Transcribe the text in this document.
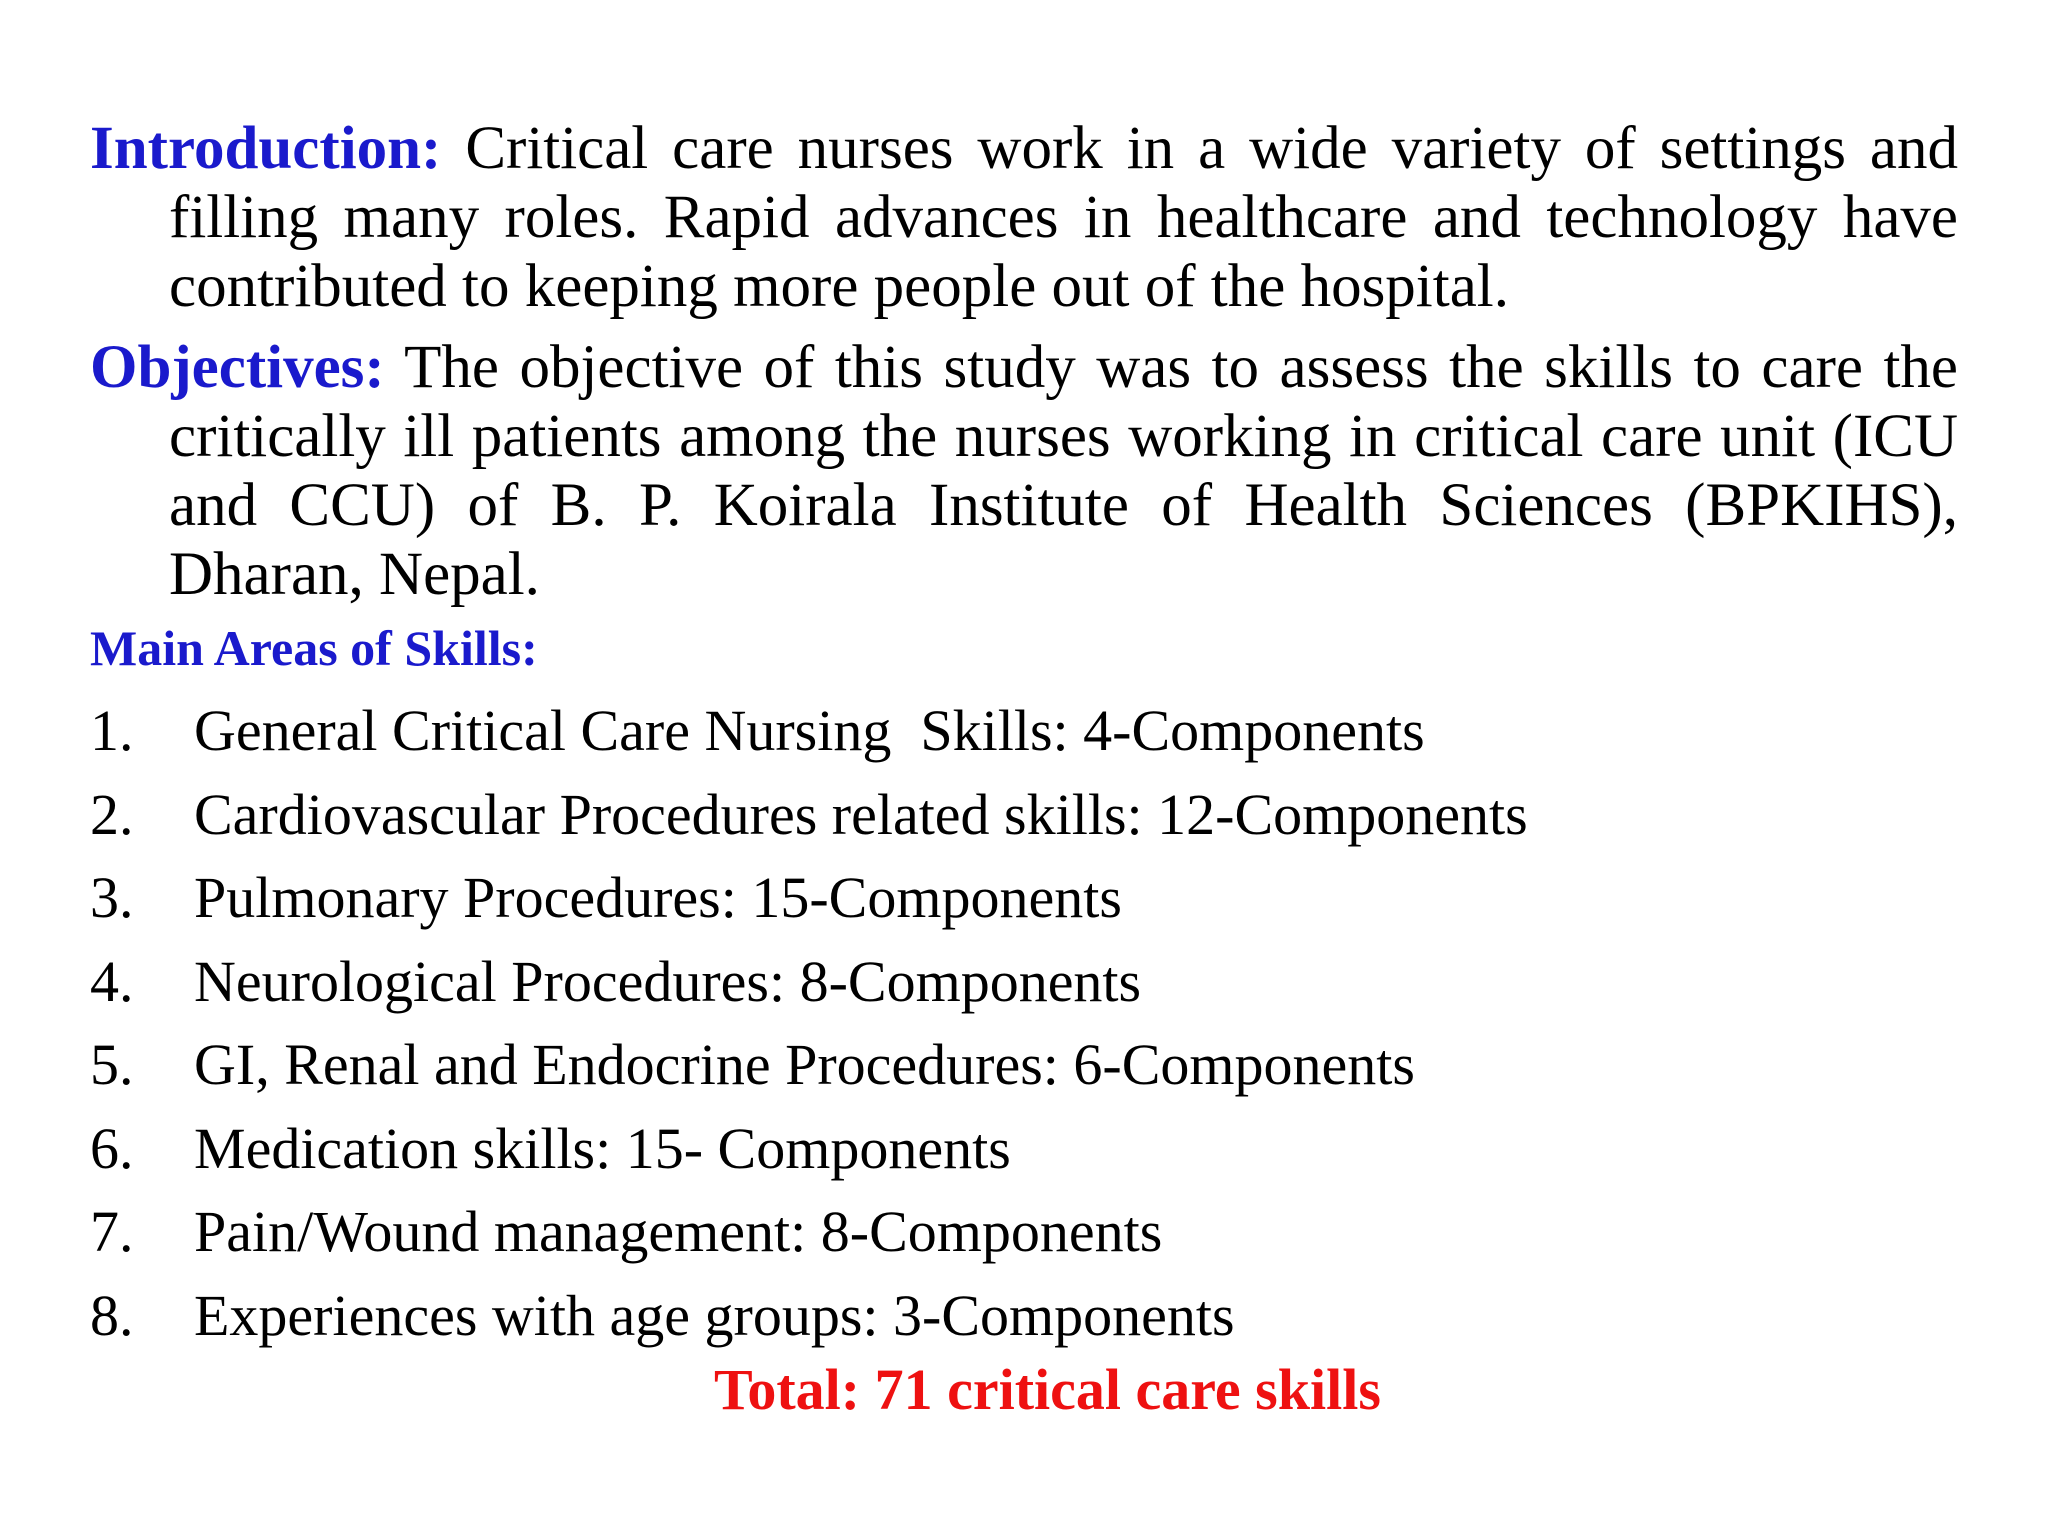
Introduction: Critical care nurses work in a wide variety of settings and filling many roles. Rapid advances in healthcare and technology have contributed to keeping more people out of the hospital.

Objectives: The objective of this study was to assess the skills to care the critically ill patients among the nurses working in critical care unit (ICU and CCU) of B. P. Koirala Institute of Health Sciences (BPKIHS), Dharan, Nepal.

Main Areas of Skills:
1. General Critical Care Nursing  Skills: 4-Components
2. Cardiovascular Procedures related skills: 12-Components
3. Pulmonary Procedures: 15-Components
4. Neurological Procedures: 8-Components
5. GI, Renal and Endocrine Procedures: 6-Components
6. Medication skills: 15- Components
7. Pain/Wound management: 8-Components
8. Experiences with age groups: 3-Components
Total: 71 critical care skills
